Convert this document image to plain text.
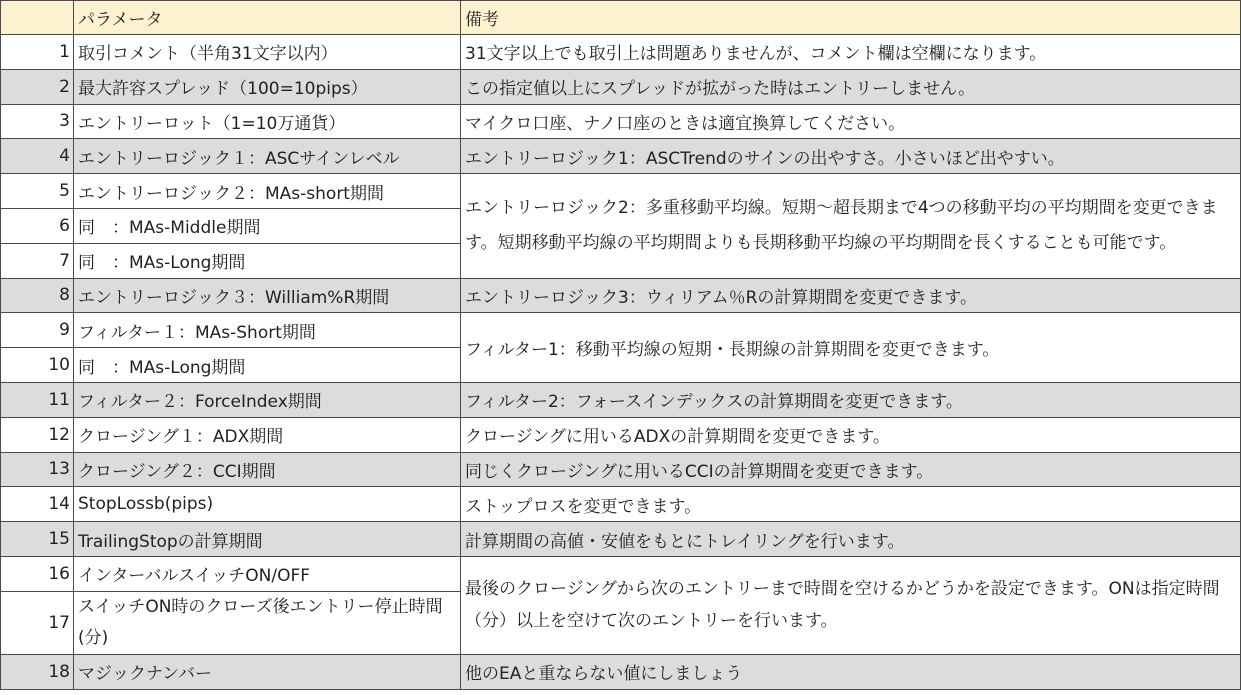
	パラメータ	備考
1	取引コメント（半角31文字以内）	31文字以上でも取引上は問題ありませんが、コメント欄は空欄になります。
2	最大許容スプレッド（100=10pips）	この指定値以上にスプレッドが拡がった時はエントリーしません。
3	エントリーロット（1=10万通貨）	マイクロ口座、ナノ口座のときは適宜換算してください。
4	エントリーロジック１：ASCサインレベル	エントリーロジック1：ASCTrendのサインの出やすさ。小さいほど出やすい。
5	エントリーロジック２：MAs-short期間	エントリーロジック2：多重移動平均線。短期～超長期まで4つの移動平均の平均期間を変更できます。短期移動平均線の平均期間よりも長期移動平均線の平均期間を長くすることも可能です。
6	同　：MAs-Middle期間	
7	同　：MAs-Long期間	
8	エントリーロジック３：William%R期間	エントリーロジック3：ウィリアム％Rの計算期間を変更できます。
9	フィルター１：MAs-Short期間	フィルター1：移動平均線の短期・長期線の計算期間を変更できます。
10	同　：MAs-Long期間	
11	フィルター２：ForceIndex期間	フィルター2：フォースインデックスの計算期間を変更できます。
12	クロージング１：ADX期間	クロージングに用いるADXの計算期間を変更できます。
13	クロージング２：CCI期間	同じくクロージングに用いるCCIの計算期間を変更できます。
14	StopLossb(pips)	ストップロスを変更できます。
15	TrailingStopの計算期間	計算期間の高値・安値をもとにトレイリングを行います。
16	インターバルスイッチON/OFF	最後のクロージングから次のエントリーまで時間を空けるかどうかを設定できます。ONは指定時間（分）以上を空けて次のエントリーを行います。
17	スイッチON時のクローズ後エントリー停止時間(分)	
18	マジックナンバー	他のEAと重ならない値にしましょう
